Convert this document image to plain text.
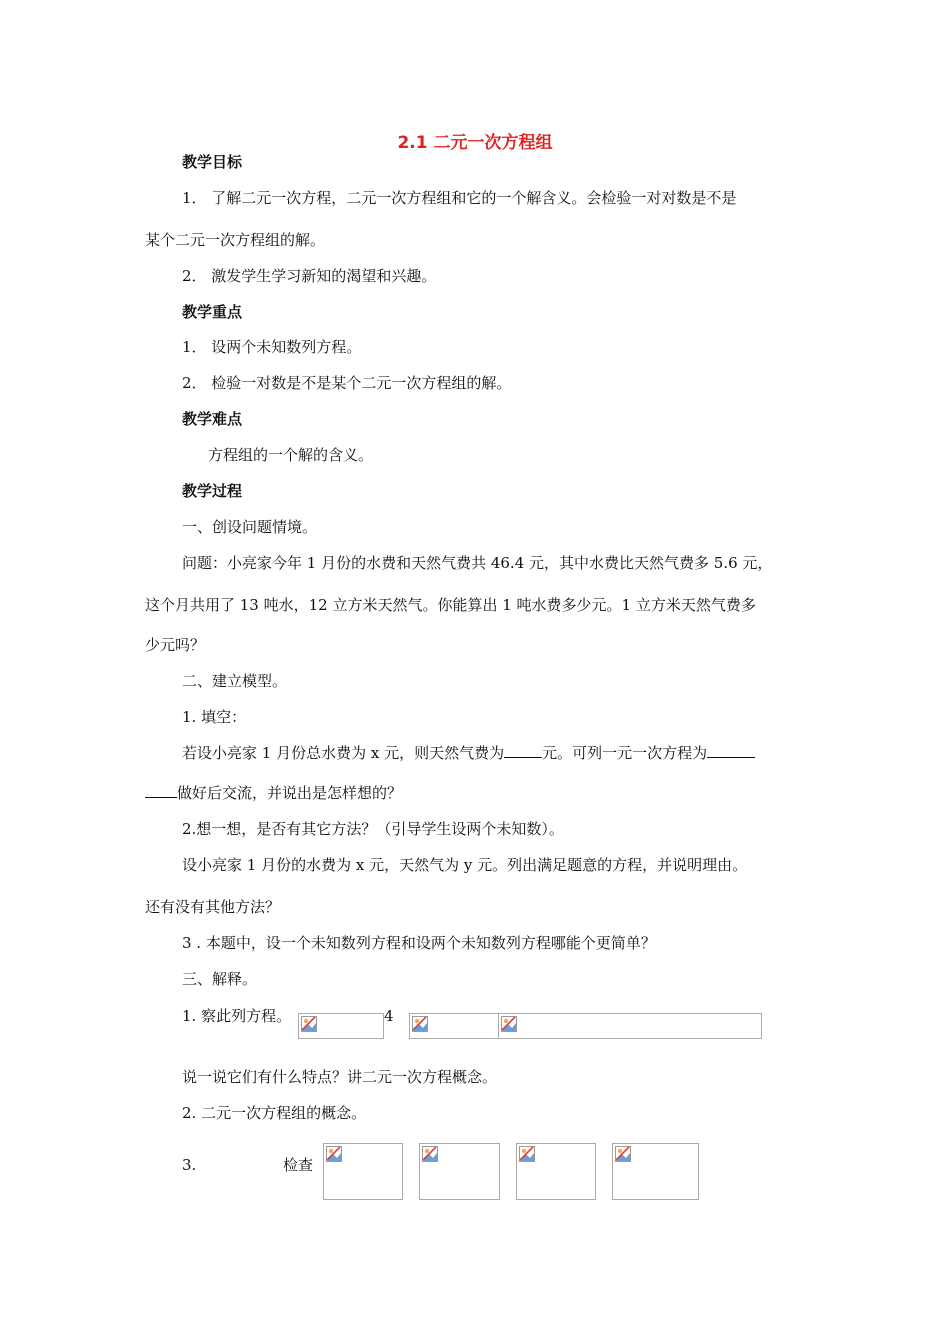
2.1 二元一次方程组
教学目标
1． 了解二元一次方程，二元一次方程组和它的一个解含义。会检验一对对数是不是
某个二元一次方程组的解。
2． 激发学生学习新知的渴望和兴趣。
教学重点
1． 设两个未知数列方程。
2． 检验一对数是不是某个二元一次方程组的解。
教学难点
方程组的一个解的含义。
教学过程
一、创设问题情境。
问题：小亮家今年 1 月份的水费和天然气费共 46.4 元，其中水费比天然气费多 5.6 元，
这个月共用了 13 吨水，12 立方米天然气。你能算出 1 吨水费多少元。1 立方米天然气费多
少元吗？
二、建立模型。
1. 填空：
若设小亮家 1 月份总水费为 x 元，则天然气费为	元。可列一元一次方程为
做好后交流，并说出是怎样想的？
2.想一想，是否有其它方法？（引导学生设两个未知数）。
设小亮家 1 月份的水费为 x 元，天然气为 y 元。列出满足题意的方程，并说明理由。
还有没有其他方法？
3 . 本题中，设一个未知数列方程和设两个未知数列方程哪能个更简单？
三、解释。
1. 察此列方程。	4
说一说它们有什么特点？讲二元一次方程概念。
2. 二元一次方程组的概念。
3.	检查
